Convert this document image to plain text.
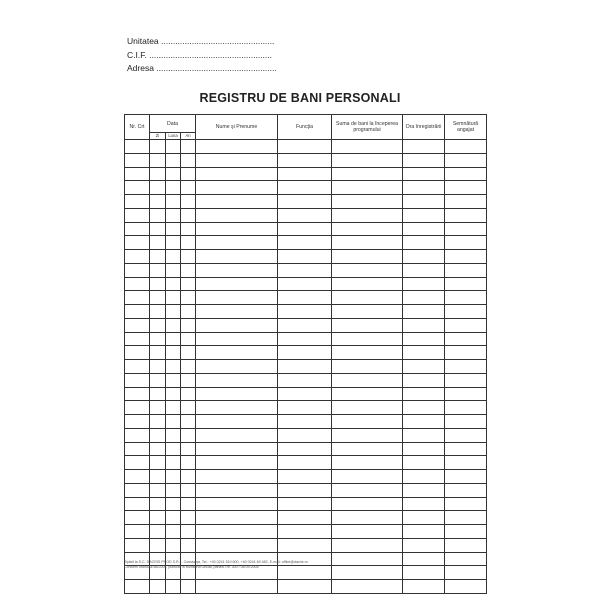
Unitatea ................................................
C.I.F. ....................................................
Adresa ...................................................
REGISTRU DE BANI PERSONALI
Nr. Crt	Data			Nume şi Prenume	Funcţia	Suma de bani la începerea programului	Ora înregistrării	Semnătură angajat
	Zi	Luna	An					

Tipărit la S.C. DACRIS PROD S.R.L. Constanţa, Tel.: +40 0241 510 600, +40 0241 69 482, E-mail: office@dacris.ro
Conform ordinului 58/2005, publicat în Monitorul Oficial, partea I nr. 300 / 08.09.2005
